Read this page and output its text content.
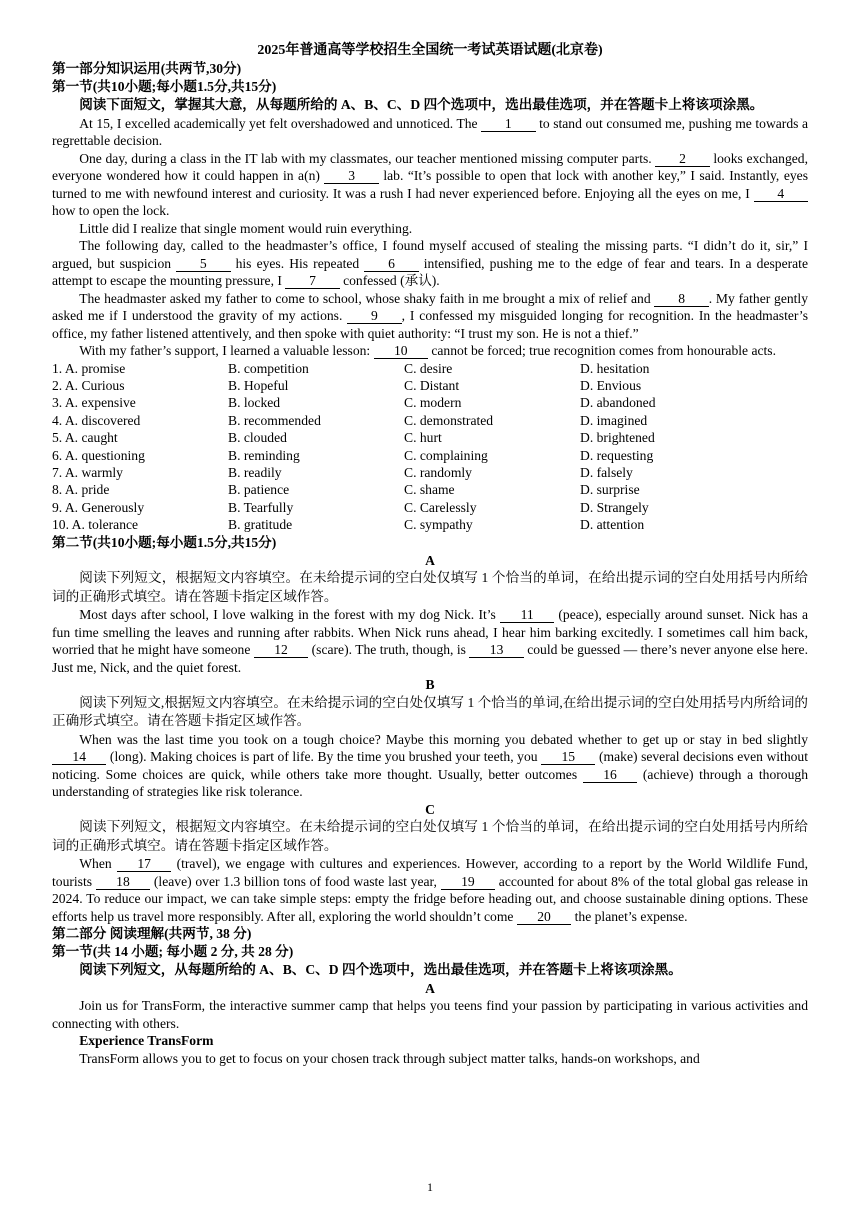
2025年普通高等学校招生全国统一考试英语试题(北京卷)
第一部分知识运用(共两节,30分)
第一节(共10小题;每小题1.5分,共15分)
阅读下面短文，掌握其大意，从每题所给的 A、B、C、D 四个选项中，选出最佳选项，并在答题卡上将该项涂黑。
At 15, I excelled academically yet felt overshadowed and unnoticed. The        1        to stand out consumed me, pushing me towards a regrettable decision.
One day, during a class in the IT lab with my classmates, our teacher mentioned missing computer parts.        2        looks exchanged, everyone wondered how it could happen in a(n)        3        lab. “It’s possible to open that lock with another key,” I said. Instantly, eyes turned to me with newfound interest and curiosity. It was a rush I had never experienced before. Enjoying all the eyes on me, I        4        how to open the lock.
Little did I realize that single moment would ruin everything.
The following day, called to the headmaster’s office, I found myself accused of stealing the missing parts. “I didn’t do it, sir,” I argued, but suspicion        5        his eyes. His repeated        6        intensified, pushing me to the edge of fear and tears. In a desperate attempt to escape the mounting pressure, I        7        confessed (承认).
The headmaster asked my father to come to school, whose shaky faith in me brought a mix of relief and        8       . My father gently asked me if I understood the gravity of my actions.        9       , I confessed my misguided longing for recognition. In the headmaster’s office, my father listened attentively, and then spoke with quiet authority: “I trust my son. He is not a thief.”
With my father’s support, I learned a valuable lesson:       10       cannot be forced; true recognition comes from honourable acts.
1. A. promise	B. competition	C. desire	D. hesitation
2. A. Curious	B. Hopeful	C. Distant	D. Envious
3. A. expensive	B. locked	C. modern	D. abandoned
4. A. discovered	B. recommended	C. demonstrated	D. imagined
5. A. caught	B. clouded	C. hurt	D. brightened
6. A. questioning	B. reminding	C. complaining	D. requesting
7. A. warmly	B. readily	C. randomly	D. falsely
8. A. pride	B. patience	C. shame	D. surprise
9. A. Generously	B. Tearfully	C. Carelessly	D. Strangely
10. A. tolerance	B. gratitude	C. sympathy	D. attention
第二节(共10小题;每小题1.5分,共15分)
A
阅读下列短文，根据短文内容填空。在未给提示词的空白处仅填写 1 个恰当的单词，在给出提示词的空白处用括号内所给词的正确形式填空。请在答题卡指定区域作答。
Most days after school, I love walking in the forest with my dog Nick. It’s       11       (peace), especially around sunset. Nick has a fun time smelling the leaves and running after rabbits. When Nick runs ahead, I hear him barking excitedly. I sometimes call him back, worried that he might have someone       12       (scare). The truth, though, is       13       could be guessed — there’s never anyone else here. Just me, Nick, and the quiet forest.
B
阅读下列短文,根据短文内容填空。在未给提示词的空白处仅填写 1 个恰当的单词,在给出提示词的空白处用括号内所给词的正确形式填空。请在答题卡指定区域作答。
When was the last time you took on a tough choice? Maybe this morning you debated whether to get up or stay in bed slightly       14       (long). Making choices is part of life. By the time you brushed your teeth, you       15       (make) several decisions even without noticing. Some choices are quick, while others take more thought. Usually, better outcomes       16       (achieve) through a thorough understanding of strategies like risk tolerance.
C
阅读下列短文，根据短文内容填空。在未给提示词的空白处仅填写 1 个恰当的单词，在给出提示词的空白处用括号内所给词的正确形式填空。请在答题卡指定区域作答。
When       17       (travel), we engage with cultures and experiences. However, according to a report by the World Wildlife Fund, tourists       18       (leave) over 1.3 billion tons of food waste last year,       19       accounted for about 8% of the total global gas release in 2024. To reduce our impact, we can take simple steps: empty the fridge before heading out, and choose sustainable dining options. These efforts help us travel more responsibly. After all, exploring the world shouldn’t come       20       the planet’s expense.
第二部分 阅读理解(共两节, 38 分)
第一节(共 14 小题; 每小题 2 分, 共 28 分)
阅读下列短文，从每题所给的 A、B、C、D 四个选项中，选出最佳选项，并在答题卡上将该项涂黑。
A
Join us for TransForm, the interactive summer camp that helps you teens find your passion by participating in various activities and connecting with others.
Experience TransForm
TransForm allows you to get to focus on your chosen track through subject matter talks, hands-on workshops, and
1
